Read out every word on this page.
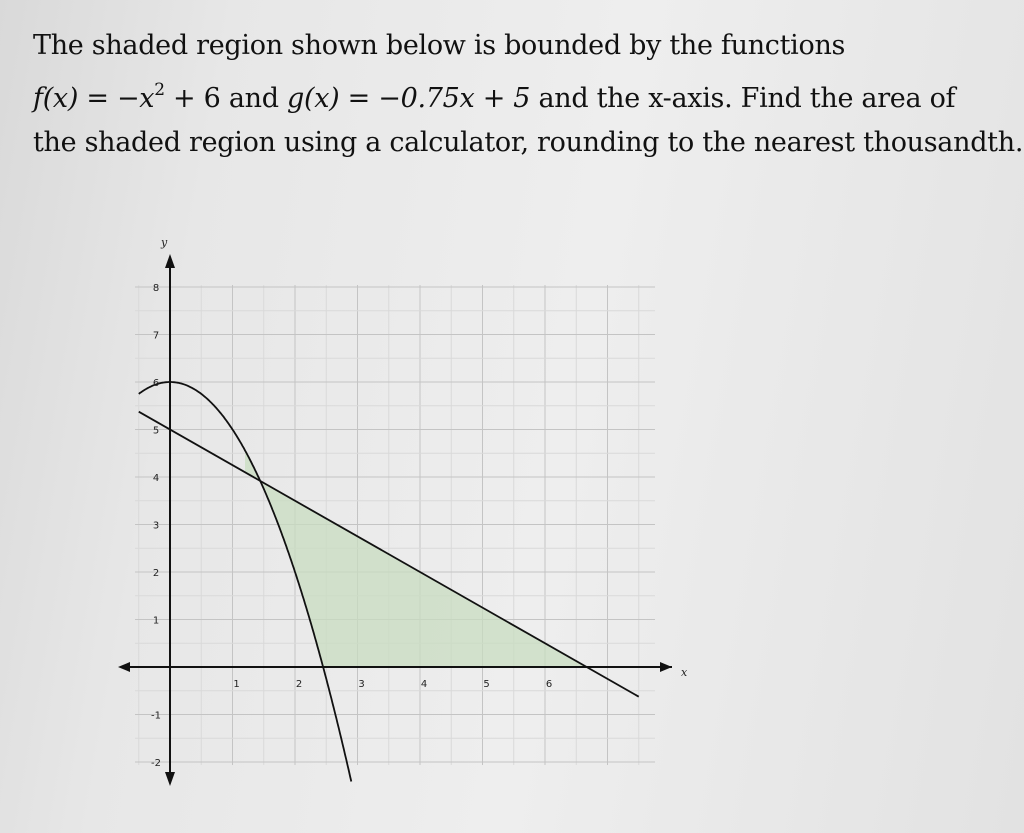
The shaded region shown below is bounded by the functions
$f(x) = -x^2 + 6$ and g(x) = −0.75x + 5 and the x-axis. Find the area of
the shaded region using a calculator, rounding to the nearest thousandth.
1	2	3	4	5	6
-2
-1
1
2
3
4
5
6
7
8
x
y
